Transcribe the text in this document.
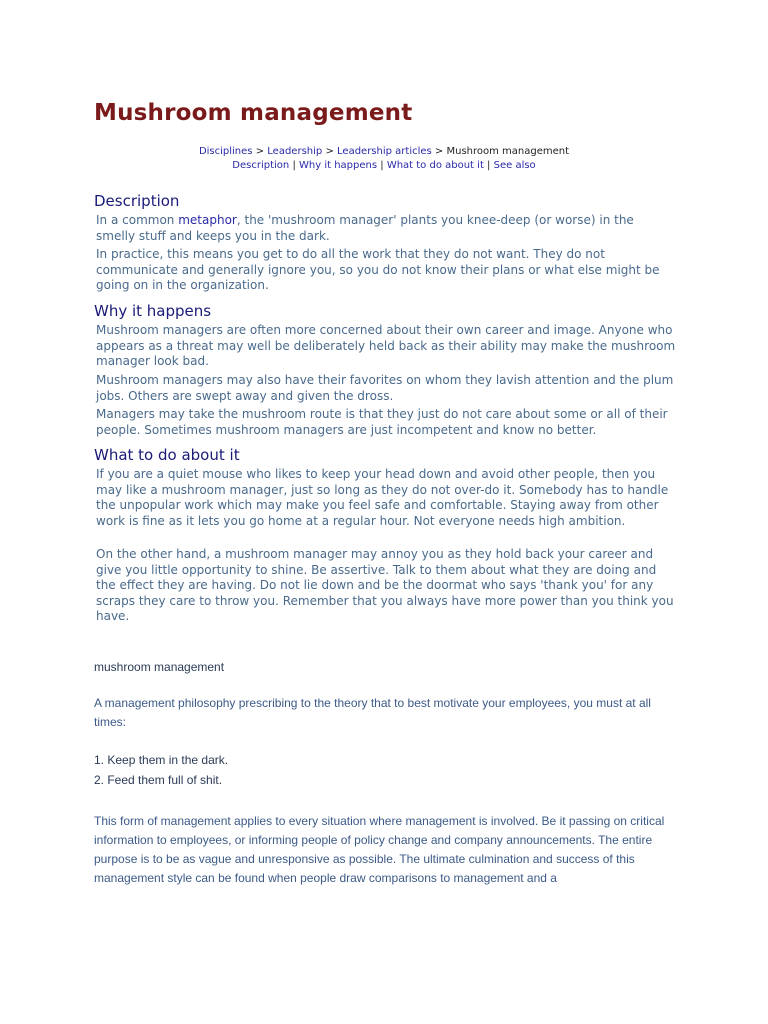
Mushroom management
Disciplines > Leadership > Leadership articles > Mushroom management
Description | Why it happens | What to do about it | See also
Description

In a common metaphor, the 'mushroom manager' plants you knee-deep (or worse) in the smelly stuff and keeps you in the dark.

In practice, this means you get to do all the work that they do not want. They do not communicate and generally ignore you, so you do not know their plans or what else might be going on in the organization.

Why it happens

Mushroom managers are often more concerned about their own career and image. Anyone who appears as a threat may well be deliberately held back as their ability may make the mushroom manager look bad.

Mushroom managers may also have their favorites on whom they lavish attention and the plum jobs. Others are swept away and given the dross.

Managers may take the mushroom route is that they just do not care about some or all of their people. Sometimes mushroom managers are just incompetent and know no better.

What to do about it

If you are a quiet mouse who likes to keep your head down and avoid other people, then you may like a mushroom manager, just so long as they do not over-do it. Somebody has to handle the unpopular work which may make you feel safe and comfortable. Staying away from other work is fine as it lets you go home at a regular hour. Not everyone needs high ambition.

On the other hand, a mushroom manager may annoy you as they hold back your career and give you little opportunity to shine. Be assertive. Talk to them about what they are doing and the effect they are having. Do not lie down and be the doormat who says 'thank you' for any scraps they care to throw you. Remember that you always have more power than you think you have.

mushroom management

A management philosophy prescribing to the theory that to best motivate your employees, you must at all times:

1. Keep them in the dark.

2. Feed them full of shit.

This form of management applies to every situation where management is involved. Be it passing on critical information to employees, or informing people of policy change and company announcements. The entire purpose is to be as vague and unresponsive as possible. The ultimate culmination and success of this management style can be found when people draw comparisons to management and a
